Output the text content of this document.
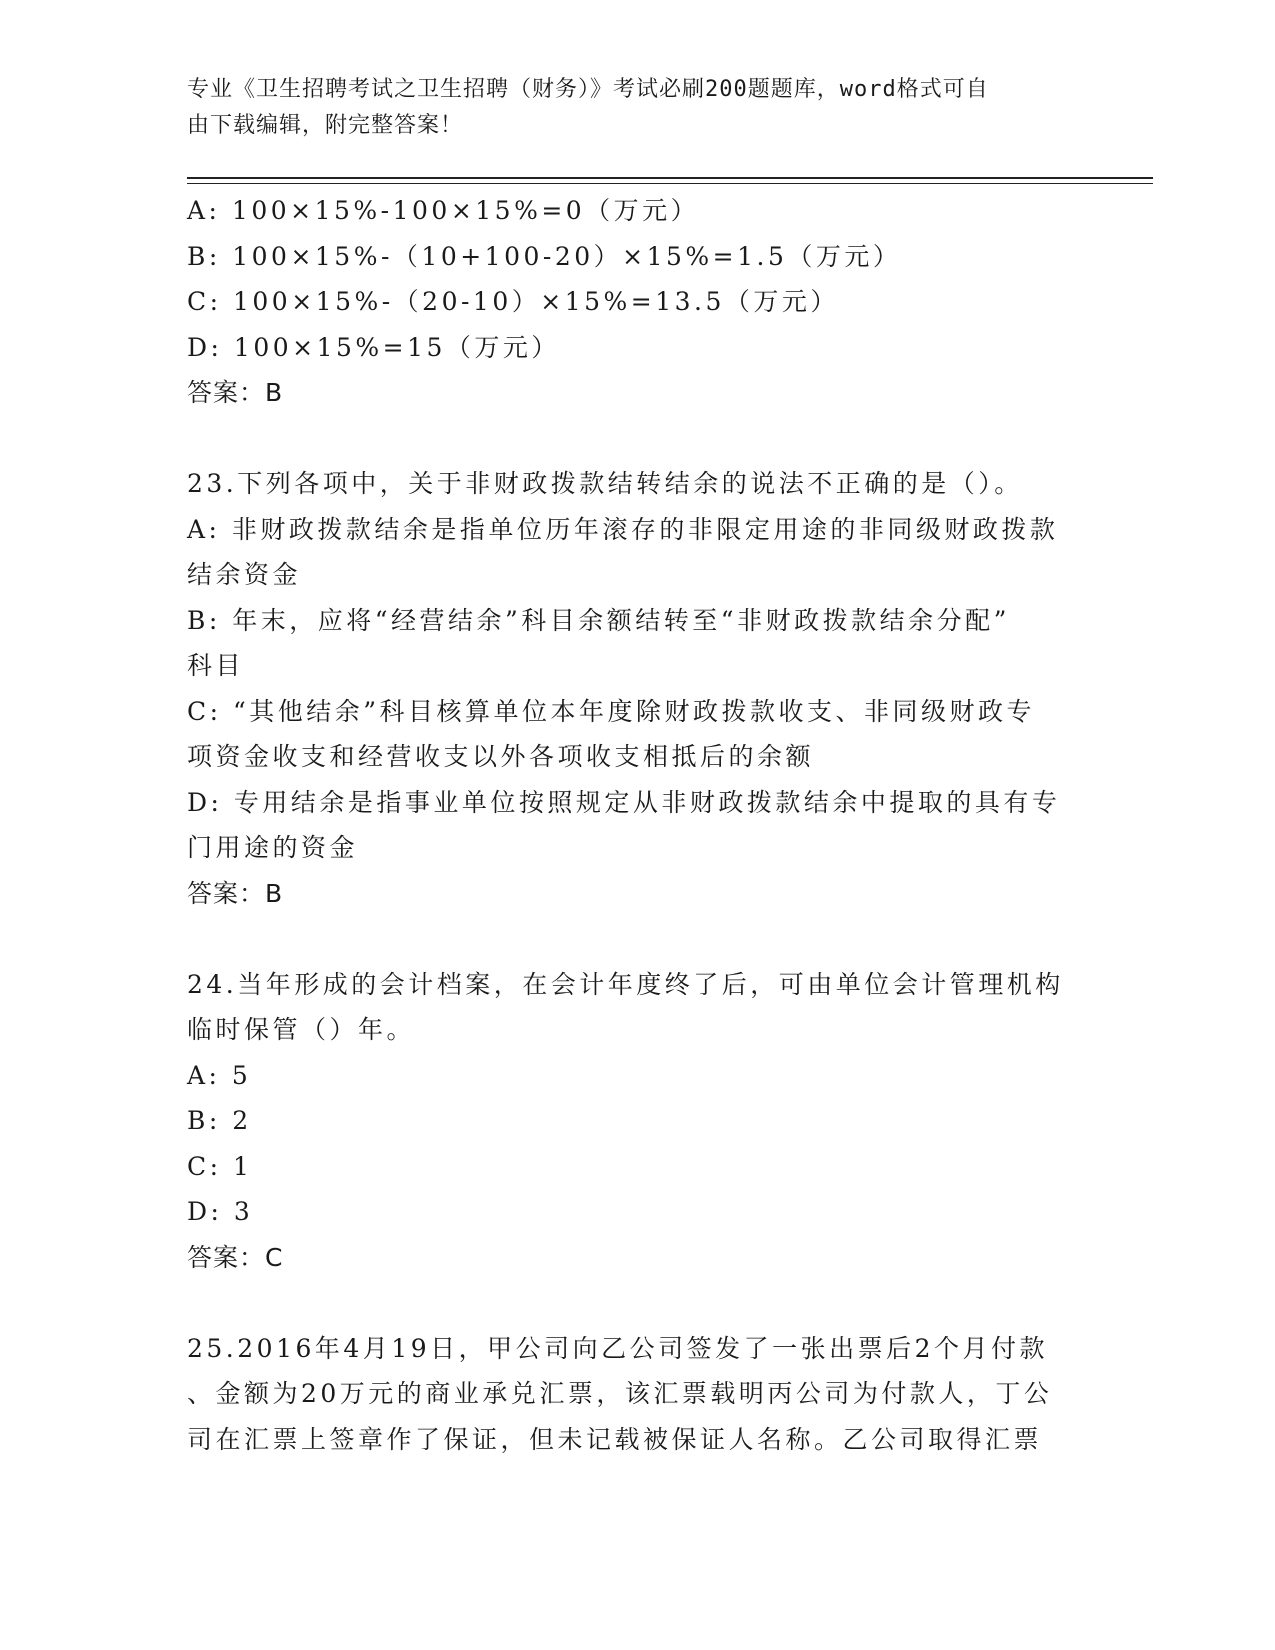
专业《卫生招聘考试之卫生招聘（财务）》考试必刷200题题库，word格式可自
由下载编辑，附完整答案！
A: 100×15%-100×15%=0（万元）
B: 100×15%-（10+100-20）×15%=1.5（万元）
C: 100×15%-（20-10）×15%=13.5（万元）
D: 100×15%=15（万元）
答案：B
23.下列各项中，关于非财政拨款结转结余的说法不正确的是（）。
A: 非财政拨款结余是指单位历年滚存的非限定用途的非同级财政拨款
结余资金
B: 年末，应将“经营结余”科目余额结转至“非财政拨款结余分配”
科目
C: “其他结余”科目核算单位本年度除财政拨款收支、非同级财政专
项资金收支和经营收支以外各项收支相抵后的余额
D: 专用结余是指事业单位按照规定从非财政拨款结余中提取的具有专
门用途的资金
答案：B
24.当年形成的会计档案，在会计年度终了后，可由单位会计管理机构
临时保管（）年。
A: 5
B: 2
C: 1
D: 3
答案：C
25.2016年4月19日，甲公司向乙公司签发了一张出票后2个月付款
、金额为20万元的商业承兑汇票，该汇票载明丙公司为付款人，丁公
司在汇票上签章作了保证，但未记载被保证人名称。乙公司取得汇票
